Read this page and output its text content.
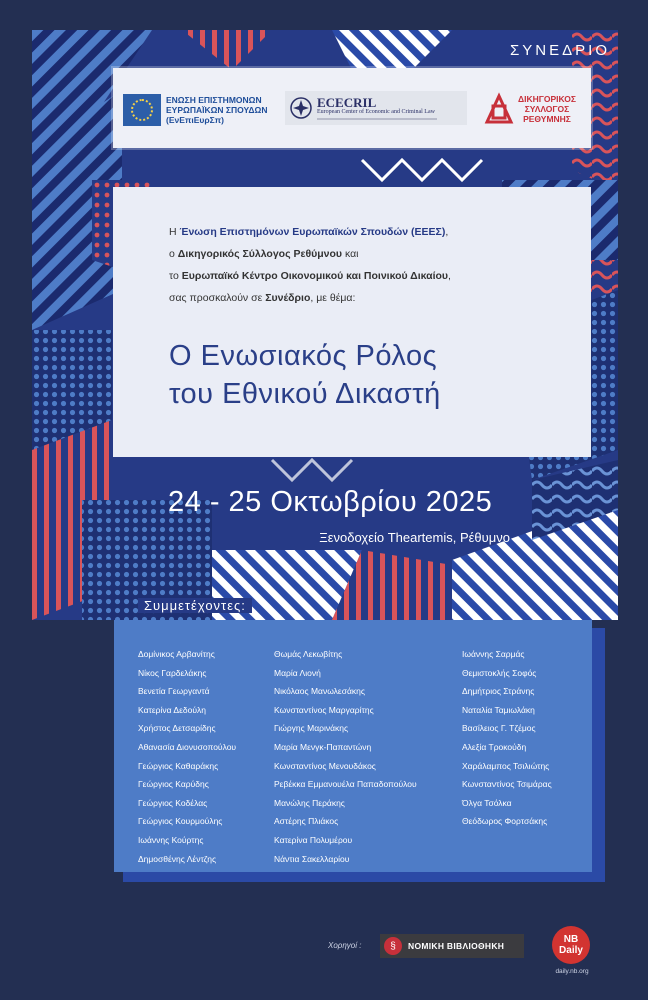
ΣΥΝΕΔΡΙΟ
ΕΝΩΣΗ ΕΠΙΣΤΗΜΟΝΩΝ
ΕΥΡΩΠΑΪΚΩΝ ΣΠΟΥΔΩΝ
(ΕνΕπιΕυρΣπ)
ECECRIL
European Center of Economic and Criminal Law
ΔΙΚΗΓΟΡΙΚΟΣ
ΣΥΛΛΟΓΟΣ
ΡΕΘΥΜΝΗΣ
Η Ένωση Επιστημόνων Ευρωπαϊκών Σπουδών (ΕΕΕΣ),
ο Δικηγορικός Σύλλογος Ρεθύμνου και
το Ευρωπαϊκό Κέντρο Οικονομικού και Ποινικού Δικαίου,
σας προσκαλούν σε Συνέδριο, με θέμα:
Ο Ενωσιακός Ρόλος
του Εθνικού Δικαστή
24 - 25 Οκτωβρίου 2025
Ξενοδοχείο Theartemis, Ρέθυμνο
Συμμετέχοντες:
Δομίνικος Αρβανίτης
Νίκος Γαρδελάκης
Βενετία Γεωργαντά
Κατερίνα Δεδούλη
Χρήστος Δετσαρίδης
Αθανασία Διονυσοπούλου
Γεώργιος Καθαράκης
Γεώργιος Καρύδης
Γεώργιος Κοδέλας
Γεώργιος Κουρμούλης
Ιωάννης Κούρτης
Δημοσθένης Λέντζης
Θωμάς Λεκωβίτης
Μαρία Λιονή
Νικόλαος Μανωλεσάκης
Κωνσταντίνος Μαργαρίτης
Γιώργης Μαρινάκης
Μαρία Μενγκ-Παπαντώνη
Κωνσταντίνος Μενουδάκος
Ρεβέκκα Εμμανουέλα Παπαδοπούλου
Μανώλης Περάκης
Αστέρης Πλιάκος
Κατερίνα Πολυμέρου
Νάντια Σακελλαρίου
Ιωάννης Σαρμάς
Θεμιστοκλής Σοφός
Δημήτριος Στράνης
Ναταλία Ταμιωλάκη
Βασίλειος Γ. Τζέμος
Αλεξία Τροκούδη
Χαράλαμπος Τσιλιώτης
Κωνσταντίνος Τσιμάρας
Όλγα Τσόλκα
Θεόδωρος Φορτσάκης
Χορηγοί :	§	ΝΟΜΙΚΗ ΒΙΒΛΙΟΘΗΚΗ
NB
Daily
daily.nb.org
